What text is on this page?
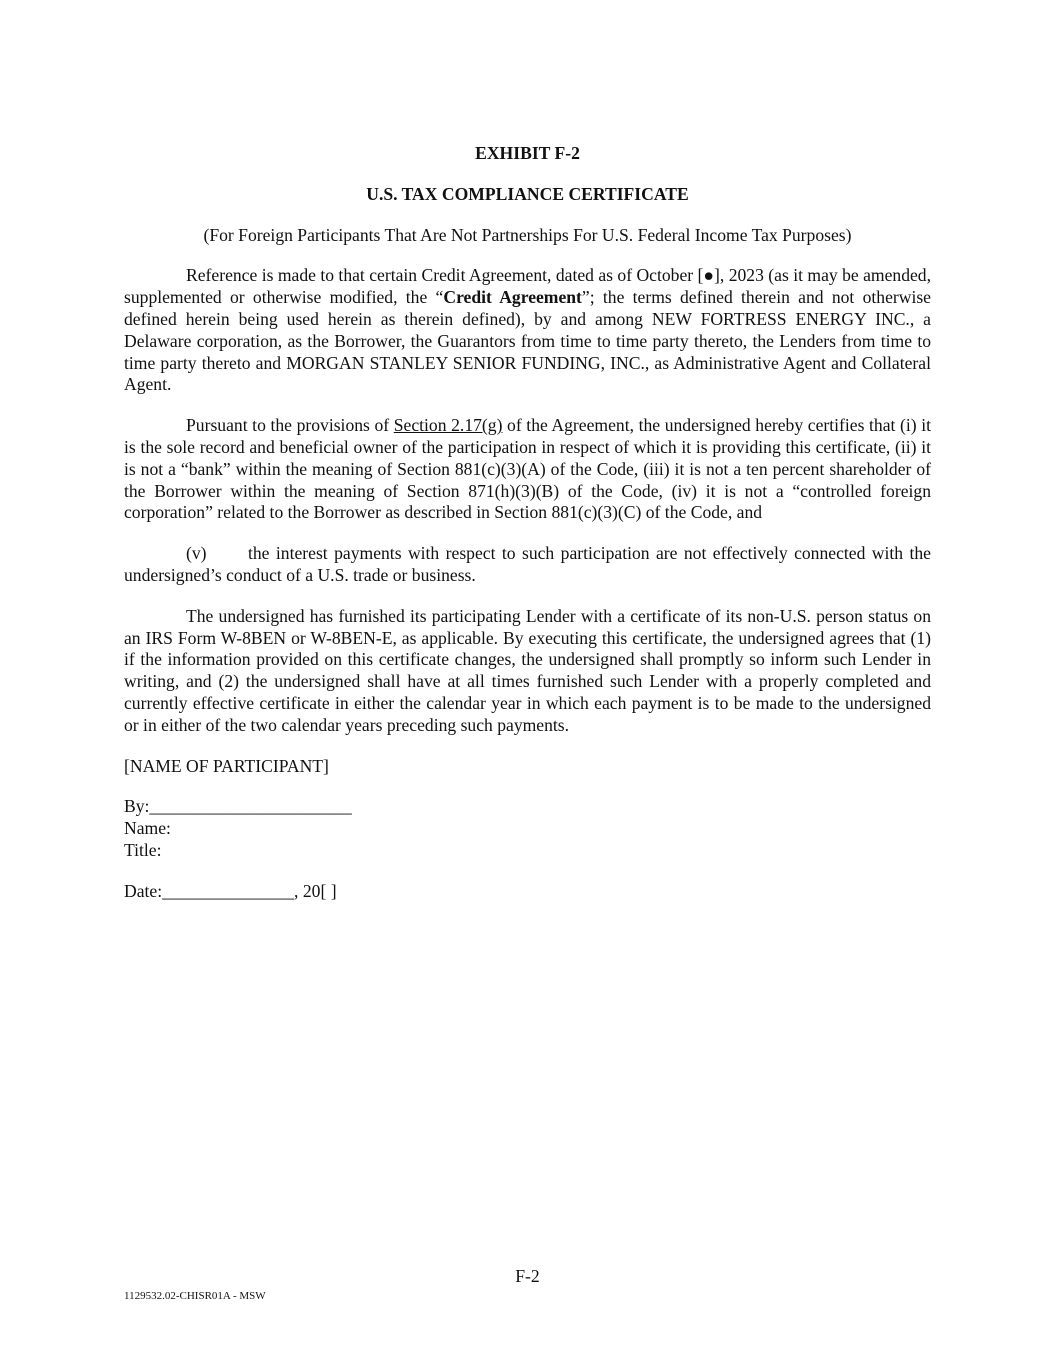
EXHIBIT F-2
U.S. TAX COMPLIANCE CERTIFICATE
(For Foreign Participants That Are Not Partnerships For U.S. Federal Income Tax Purposes)

Reference is made to that certain Credit Agreement, dated as of October [●], 2023 (as it may be amended, supplemented or otherwise modified, the “Credit Agreement”; the terms defined therein and not otherwise defined herein being used herein as therein defined), by and among NEW FORTRESS ENERGY INC., a Delaware corporation, as the Borrower, the Guarantors from time to time party thereto, the Lenders from time to time party thereto and MORGAN STANLEY SENIOR FUNDING, INC., as Administrative Agent and Collateral Agent.

Pursuant to the provisions of Section 2.17(g) of the Agreement, the undersigned hereby certifies that (i) it is the sole record and beneficial owner of the participation in respect of which it is providing this certificate, (ii) it is not a “bank” within the meaning of Section 881(c)(3)(A) of the Code, (iii) it is not a ten percent shareholder of the Borrower within the meaning of Section 871(h)(3)(B) of the Code, (iv) it is not a “controlled foreign corporation” related to the Borrower as described in Section 881(c)(3)(C) of the Code, and

(v) the interest payments with respect to such participation are not effectively connected with the undersigned’s conduct of a U.S. trade or business.

The undersigned has furnished its participating Lender with a certificate of its non-U.S. person status on an IRS Form W-8BEN or W-8BEN-E, as applicable. By executing this certificate, the undersigned agrees that (1) if the information provided on this certificate changes, the undersigned shall promptly so inform such Lender in writing, and (2) the undersigned shall have at all times furnished such Lender with a properly completed and currently effective certificate in either the calendar year in which each payment is to be made to the undersigned or in either of the two calendar years preceding such payments.

[NAME OF PARTICIPANT]
By:_______________________
Name:
Title:
Date:_______________, 20[ ]
F-2
1129532.02-CHISR01A - MSW
